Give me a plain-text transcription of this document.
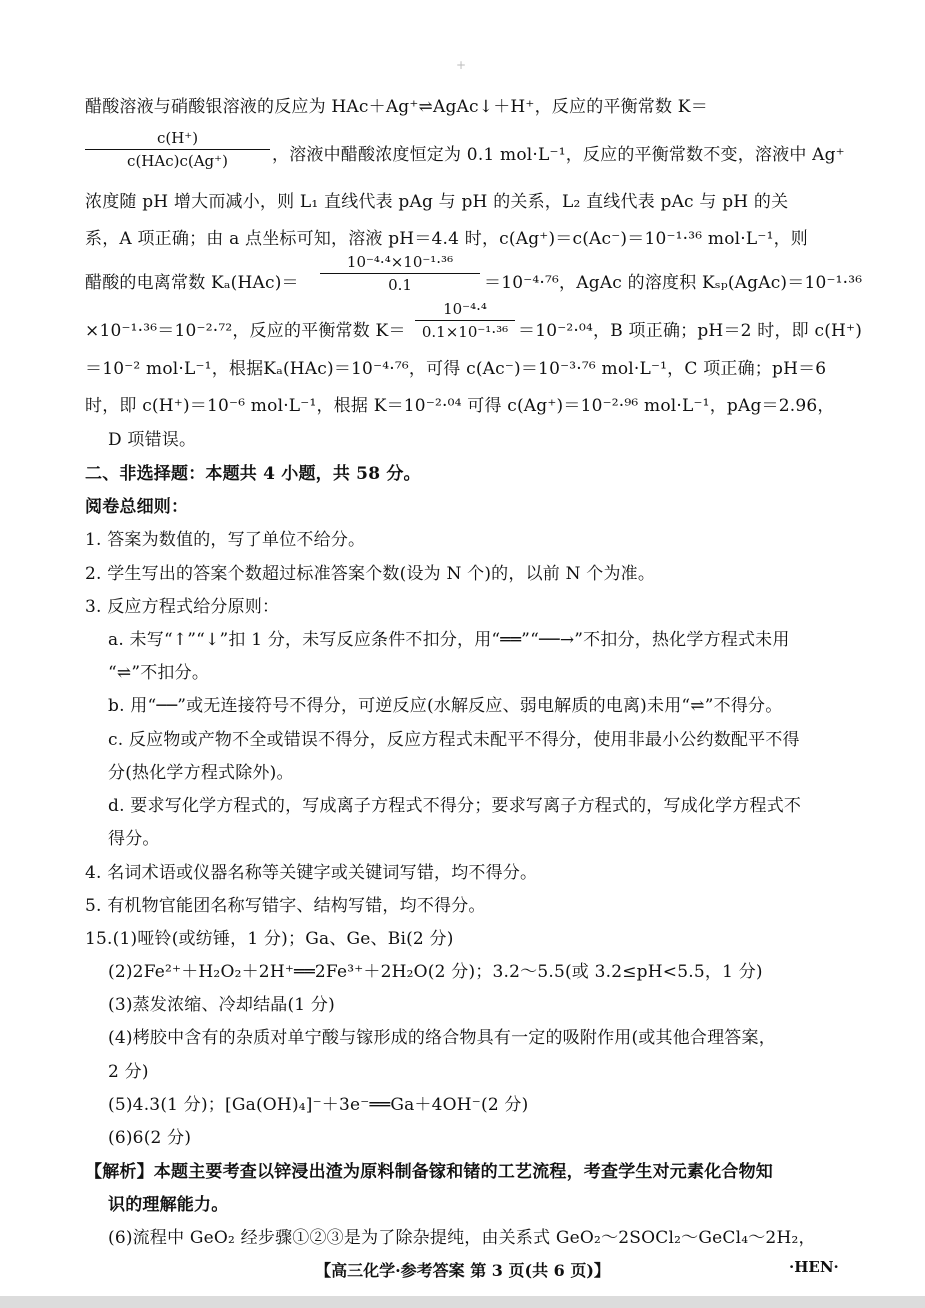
+
醋酸溶液与硝酸银溶液的反应为 HAc＋Ag⁺⇌AgAc↓＋H⁺，反应的平衡常数 K＝
c(H⁺)
c(HAc)c(Ag⁺)	，溶液中醋酸浓度恒定为 0.1 mol·L⁻¹，反应的平衡常数不变，溶液中 Ag⁺
浓度随 pH 增大而减小，则 L₁ 直线代表 pAg 与 pH 的关系，L₂ 直线代表 pAc 与 pH 的关
系，A 项正确；由 a 点坐标可知，溶液 pH＝4.4 时，c(Ag⁺)＝c(Ac⁻)＝10⁻¹·³⁶ mol·L⁻¹，则
醋酸的电离常数 Kₐ(HAc)＝	$\frac{\text{10⁻⁴·⁴×10⁻¹·³⁶}}{0.1} =10^{-4}\cdot^{76}$，AgAc 的溶度积 Kₛₚ(AgAc)＝10⁻¹·³⁶
×10⁻¹·³⁶＝10⁻²·⁷²，反应的平衡常数 $K= \frac{\text{10⁻⁴·⁴}}{\text{0.1×10⁻¹·³⁶}} =10^{-2}\cdot^{04}$，B 项正确；pH＝2 时，即 c(H⁺)
＝10⁻² mol·L⁻¹，根据Kₐ(HAc)＝10⁻⁴·⁷⁶，可得 c(Ac⁻)＝10⁻³·⁷⁶ mol·L⁻¹，C 项正确；pH＝6
时，即 c(H⁺)＝10⁻⁶ mol·L⁻¹，根据 K＝10⁻²·⁰⁴ 可得 c(Ag⁺)＝10⁻²·⁹⁶ mol·L⁻¹，pAg＝2.96，
D 项错误。
二、非选择题：本题共 4 小题，共 58 分。
阅卷总细则：
1. 答案为数值的，写了单位不给分。
2. 学生写出的答案个数超过标准答案个数(设为 N 个)的，以前 N 个为准。
3. 反应方程式给分原则：
a. 未写“↑”“↓”扣 1 分，未写反应条件不扣分，用“══”“──→”不扣分，热化学方程式未用
“⇌”不扣分。
b. 用“──”或无连接符号不得分，可逆反应(水解反应、弱电解质的电离)未用“⇌”不得分。
c. 反应物或产物不全或错误不得分，反应方程式未配平不得分，使用非最小公约数配平不得
分(热化学方程式除外)。
d. 要求写化学方程式的，写成离子方程式不得分；要求写离子方程式的，写成化学方程式不
得分。
4. 名词术语或仪器名称等关键字或关键词写错，均不得分。
5. 有机物官能团名称写错字、结构写错，均不得分。
15.(1)哑铃(或纺锤，1 分)；Ga、Ge、Bi(2 分)
(2)2Fe²⁺＋H₂O₂＋2H⁺══2Fe³⁺＋2H₂O(2 分)；3.2～5.5(或 3.2≤pH<5.5，1 分)
(3)蒸发浓缩、冷却结晶(1 分)
(4)栲胶中含有的杂质对单宁酸与镓形成的络合物具有一定的吸附作用(或其他合理答案，
2 分)
(5)4.3(1 分)；[Ga(OH)₄]⁻＋3e⁻══Ga＋4OH⁻(2 分)
(6)6(2 分)
【解析】本题主要考查以锌浸出渣为原料制备镓和锗的工艺流程，考查学生对元素化合物知
识的理解能力。
(6)流程中 GeO₂ 经步骤①②③是为了除杂提纯，由关系式 GeO₂～2SOCl₂～GeCl₄～2H₂，
【高三化学·参考答案 第 3 页(共 6 页)】	·HEN·
